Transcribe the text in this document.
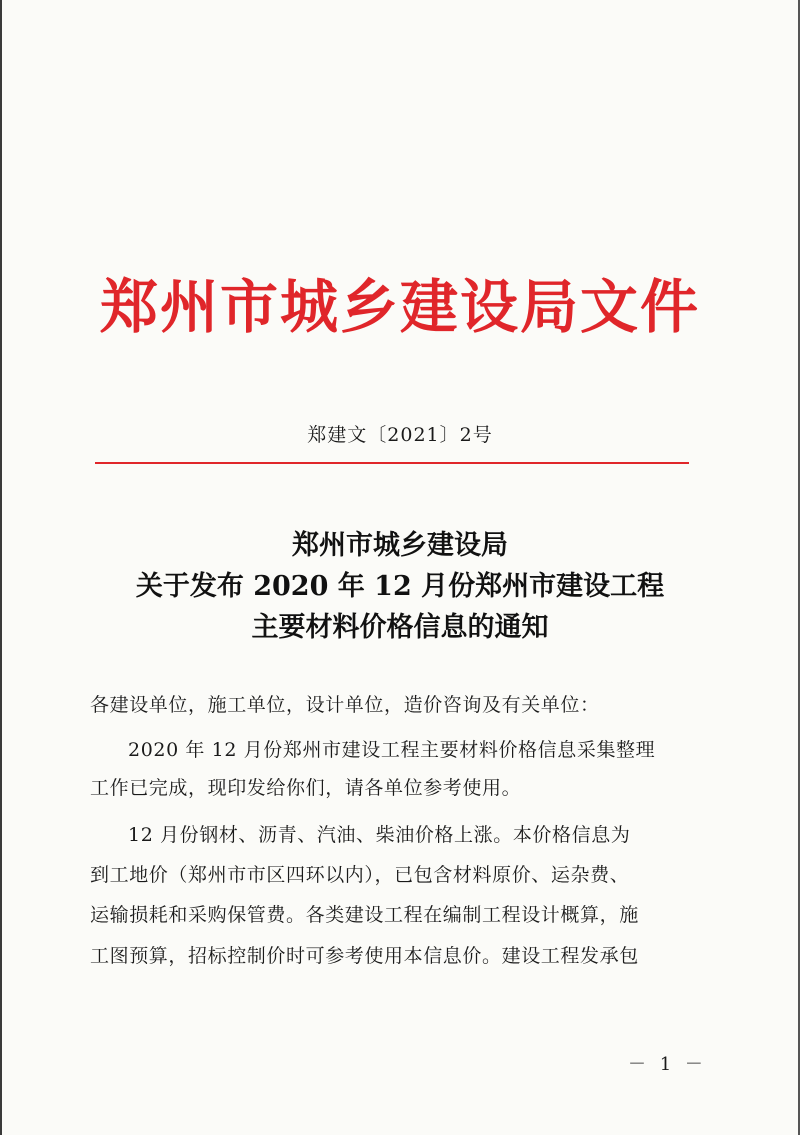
郑州市城乡建设局文件
郑建文〔2021〕2号
郑州市城乡建设局
关于发布 2020 年 12 月份郑州市建设工程
主要材料价格信息的通知
各建设单位，施工单位，设计单位，造价咨询及有关单位：
2020 年 12 月份郑州市建设工程主要材料价格信息采集整理
工作已完成，现印发给你们，请各单位参考使用。
12 月份钢材、沥青、汽油、柴油价格上涨。本价格信息为
到工地价（郑州市市区四环以内），已包含材料原价、运杂费、
运输损耗和采购保管费。各类建设工程在编制工程设计概算，施
工图预算，招标控制价时可参考使用本信息价。建设工程发承包
－ 1 －
